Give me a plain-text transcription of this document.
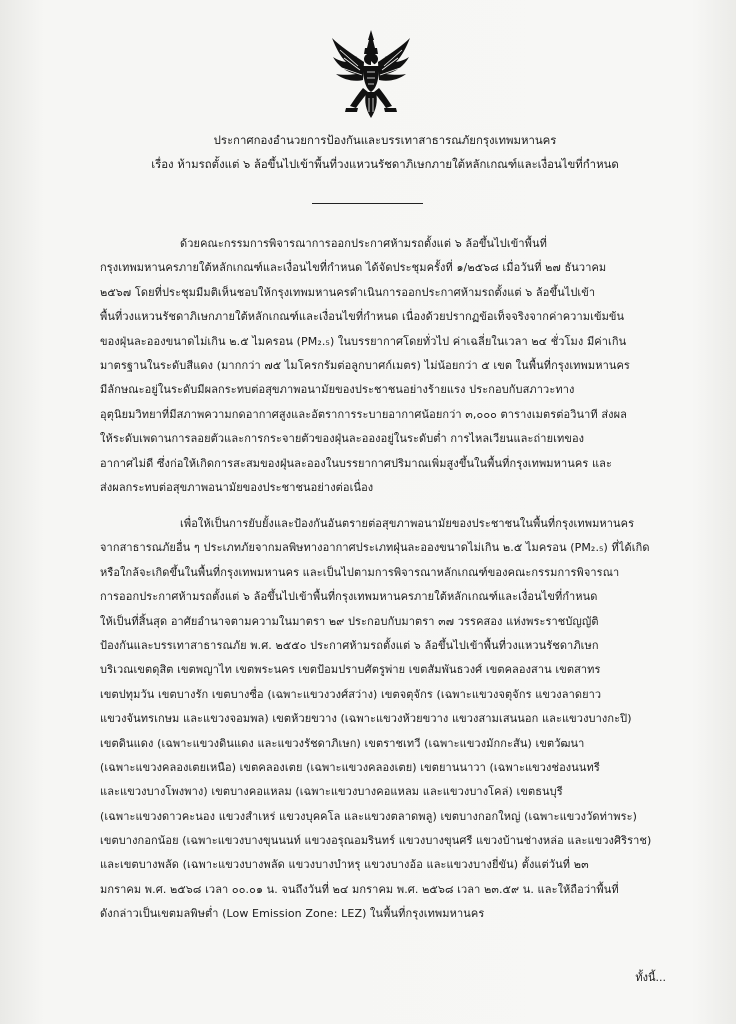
ประกาศกองอำนวยการป้องกันและบรรเทาสาธารณภัยกรุงเทพมหานคร
เรื่อง ห้ามรถตั้งแต่ ๖ ล้อขึ้นไปเข้าพื้นที่วงแหวนรัชดาภิเษกภายใต้หลักเกณฑ์และเงื่อนไขที่กำหนด
ด้วยคณะกรรมการพิจารณาการออกประกาศห้ามรถตั้งแต่ ๖ ล้อขึ้นไปเข้าพื้นที่
กรุงเทพมหานครภายใต้หลักเกณฑ์และเงื่อนไขที่กำหนด ได้จัดประชุมครั้งที่ ๑/๒๕๖๘ เมื่อวันที่ ๒๗ ธันวาคม
๒๕๖๗ โดยที่ประชุมมีมติเห็นชอบให้กรุงเทพมหานครดำเนินการออกประกาศห้ามรถตั้งแต่ ๖ ล้อขึ้นไปเข้า
พื้นที่วงแหวนรัชดาภิเษกภายใต้หลักเกณฑ์และเงื่อนไขที่กำหนด เนื่องด้วยปรากฏข้อเท็จจริงจากค่าความเข้มข้น
ของฝุ่นละอองขนาดไม่เกิน ๒.๕ ไมครอน (PM₂.₅) ในบรรยากาศโดยทั่วไป ค่าเฉลี่ยในเวลา ๒๔ ชั่วโมง มีค่าเกิน
มาตรฐานในระดับสีแดง (มากกว่า ๗๕ ไมโครกรัมต่อลูกบาศก์เมตร) ไม่น้อยกว่า ๕ เขต ในพื้นที่กรุงเทพมหานคร
มีลักษณะอยู่ในระดับมีผลกระทบต่อสุขภาพอนามัยของประชาชนอย่างร้ายแรง ประกอบกับสภาวะทาง
อุตุนิยมวิทยาที่มีสภาพความกดอากาศสูงและอัตราการระบายอากาศน้อยกว่า ๓,๐๐๐ ตารางเมตรต่อวินาที ส่งผล
ให้ระดับเพดานการลอยตัวและการกระจายตัวของฝุ่นละอองอยู่ในระดับต่ำ การไหลเวียนและถ่ายเทของ
อากาศไม่ดี ซึ่งก่อให้เกิดการสะสมของฝุ่นละอองในบรรยากาศปริมาณเพิ่มสูงขึ้นในพื้นที่กรุงเทพมหานคร และ
ส่งผลกระทบต่อสุขภาพอนามัยของประชาชนอย่างต่อเนื่อง
เพื่อให้เป็นการยับยั้งและป้องกันอันตรายต่อสุขภาพอนามัยของประชาชนในพื้นที่กรุงเทพมหานคร
จากสาธารณภัยอื่น ๆ ประเภทภัยจากมลพิษทางอากาศประเภทฝุ่นละอองขนาดไม่เกิน ๒.๕ ไมครอน (PM₂.₅) ที่ได้เกิด
หรือใกล้จะเกิดขึ้นในพื้นที่กรุงเทพมหานคร และเป็นไปตามการพิจารณาหลักเกณฑ์ของคณะกรรมการพิจารณา
การออกประกาศห้ามรถตั้งแต่ ๖ ล้อขึ้นไปเข้าพื้นที่กรุงเทพมหานครภายใต้หลักเกณฑ์และเงื่อนไขที่กำหนด
ให้เป็นที่สิ้นสุด อาศัยอำนาจตามความในมาตรา ๒๙ ประกอบกับมาตรา ๓๗ วรรคสอง แห่งพระราชบัญญัติ
ป้องกันและบรรเทาสาธารณภัย พ.ศ. ๒๕๕๐ ประกาศห้ามรถตั้งแต่ ๖ ล้อขึ้นไปเข้าพื้นที่วงแหวนรัชดาภิเษก
บริเวณเขตดุสิต เขตพญาไท เขตพระนคร เขตป้อมปราบศัตรูพ่าย เขตสัมพันธวงศ์ เขตคลองสาน เขตสาทร
เขตปทุมวัน เขตบางรัก เขตบางซื่อ (เฉพาะแขวงวงศ์สว่าง) เขตจตุจักร (เฉพาะแขวงจตุจักร แขวงลาดยาว
แขวงจันทรเกษม และแขวงจอมพล) เขตห้วยขวาง (เฉพาะแขวงห้วยขวาง แขวงสามเสนนอก และแขวงบางกะปิ)
เขตดินแดง (เฉพาะแขวงดินแดง และแขวงรัชดาภิเษก) เขตราชเทวี (เฉพาะแขวงมักกะสัน) เขตวัฒนา
(เฉพาะแขวงคลองเตยเหนือ) เขตคลองเตย (เฉพาะแขวงคลองเตย) เขตยานนาวา (เฉพาะแขวงช่องนนทรี
และแขวงบางโพงพาง) เขตบางคอแหลม (เฉพาะแขวงบางคอแหลม และแขวงบางโคล่) เขตธนบุรี
(เฉพาะแขวงดาวคะนอง แขวงสำเหร่ แขวงบุคคโล และแขวงตลาดพลู) เขตบางกอกใหญ่ (เฉพาะแขวงวัดท่าพระ)
เขตบางกอกน้อย (เฉพาะแขวงบางขุนนนท์ แขวงอรุณอมรินทร์ แขวงบางขุนศรี แขวงบ้านช่างหล่อ และแขวงศิริราช)
และเขตบางพลัด (เฉพาะแขวงบางพลัด แขวงบางบำหรุ แขวงบางอ้อ และแขวงบางยี่ขัน) ตั้งแต่วันที่ ๒๓
มกราคม พ.ศ. ๒๕๖๘ เวลา ๐๐.๐๑ น. จนถึงวันที่ ๒๔ มกราคม พ.ศ. ๒๕๖๘ เวลา ๒๓.๕๙ น. และให้ถือว่าพื้นที่
ดังกล่าวเป็นเขตมลพิษต่ำ (Low Emission Zone: LEZ) ในพื้นที่กรุงเทพมหานคร
ทั้งนี้...
